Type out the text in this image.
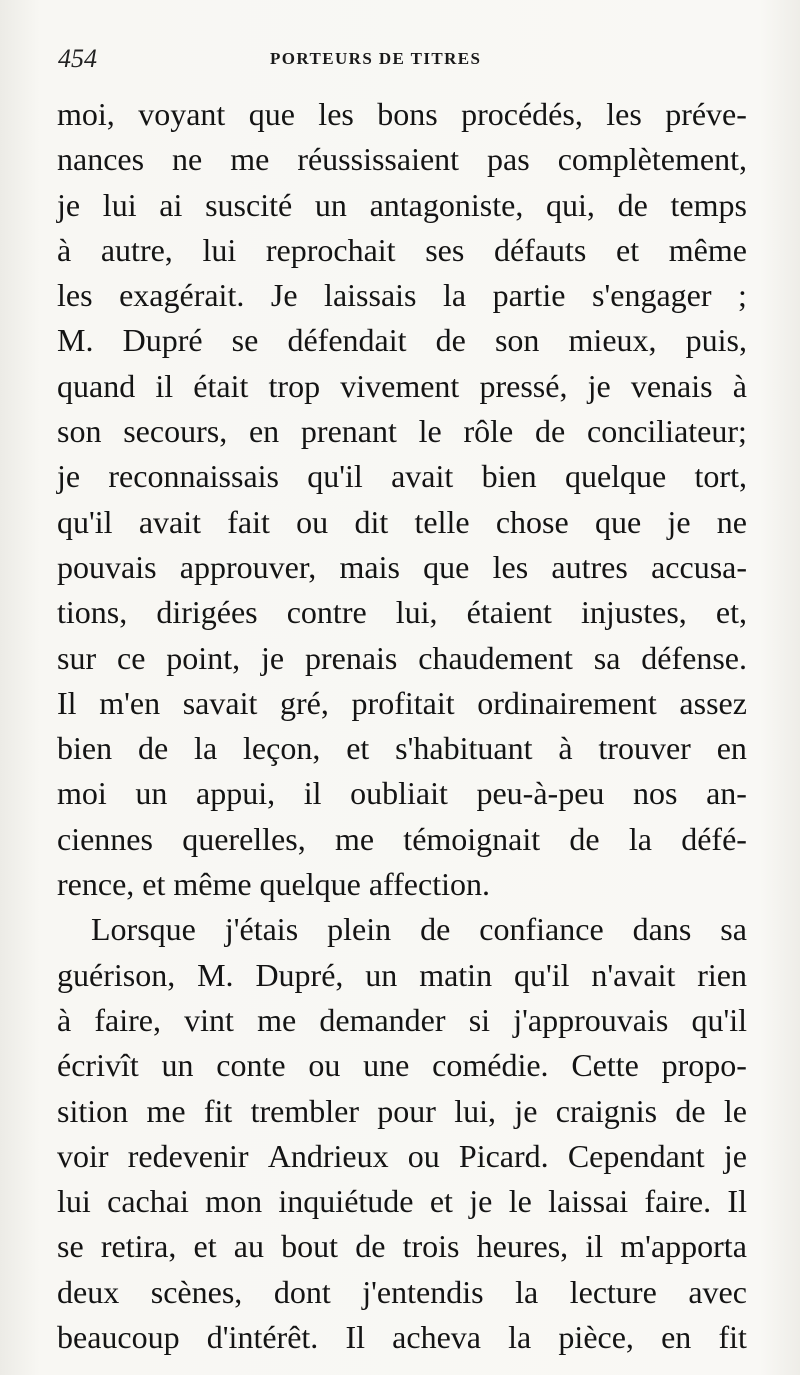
454	PORTEURS DE TITRES
moi, voyant que les bons procédés, les préve-
nances ne me réussissaient pas complètement,
je lui ai suscité un antagoniste, qui, de temps
à autre, lui reprochait ses défauts et même
les exagérait. Je laissais la partie s'engager ;
M. Dupré se défendait de son mieux, puis,
quand il était trop vivement pressé, je venais à
son secours, en prenant le rôle de conciliateur;
je reconnaissais qu'il avait bien quelque tort,
qu'il avait fait ou dit telle chose que je ne
pouvais approuver, mais que les autres accusa-
tions, dirigées contre lui, étaient injustes, et,
sur ce point, je prenais chaudement sa défense.
Il m'en savait gré, profitait ordinairement assez
bien de la leçon, et s'habituant à trouver en
moi un appui, il oubliait peu-à-peu nos an-
ciennes querelles, me témoignait de la défé-
rence, et même quelque affection.
Lorsque j'étais plein de confiance dans sa
guérison, M. Dupré, un matin qu'il n'avait rien
à faire, vint me demander si j'approuvais qu'il
écrivît un conte ou une comédie. Cette propo-
sition me fit trembler pour lui, je craignis de le
voir redevenir Andrieux ou Picard. Cependant je
lui cachai mon inquiétude et je le laissai faire. Il
se retira, et au bout de trois heures, il m'apporta
deux scènes, dont j'entendis la lecture avec
beaucoup d'intérêt. Il acheva la pièce, en fit
